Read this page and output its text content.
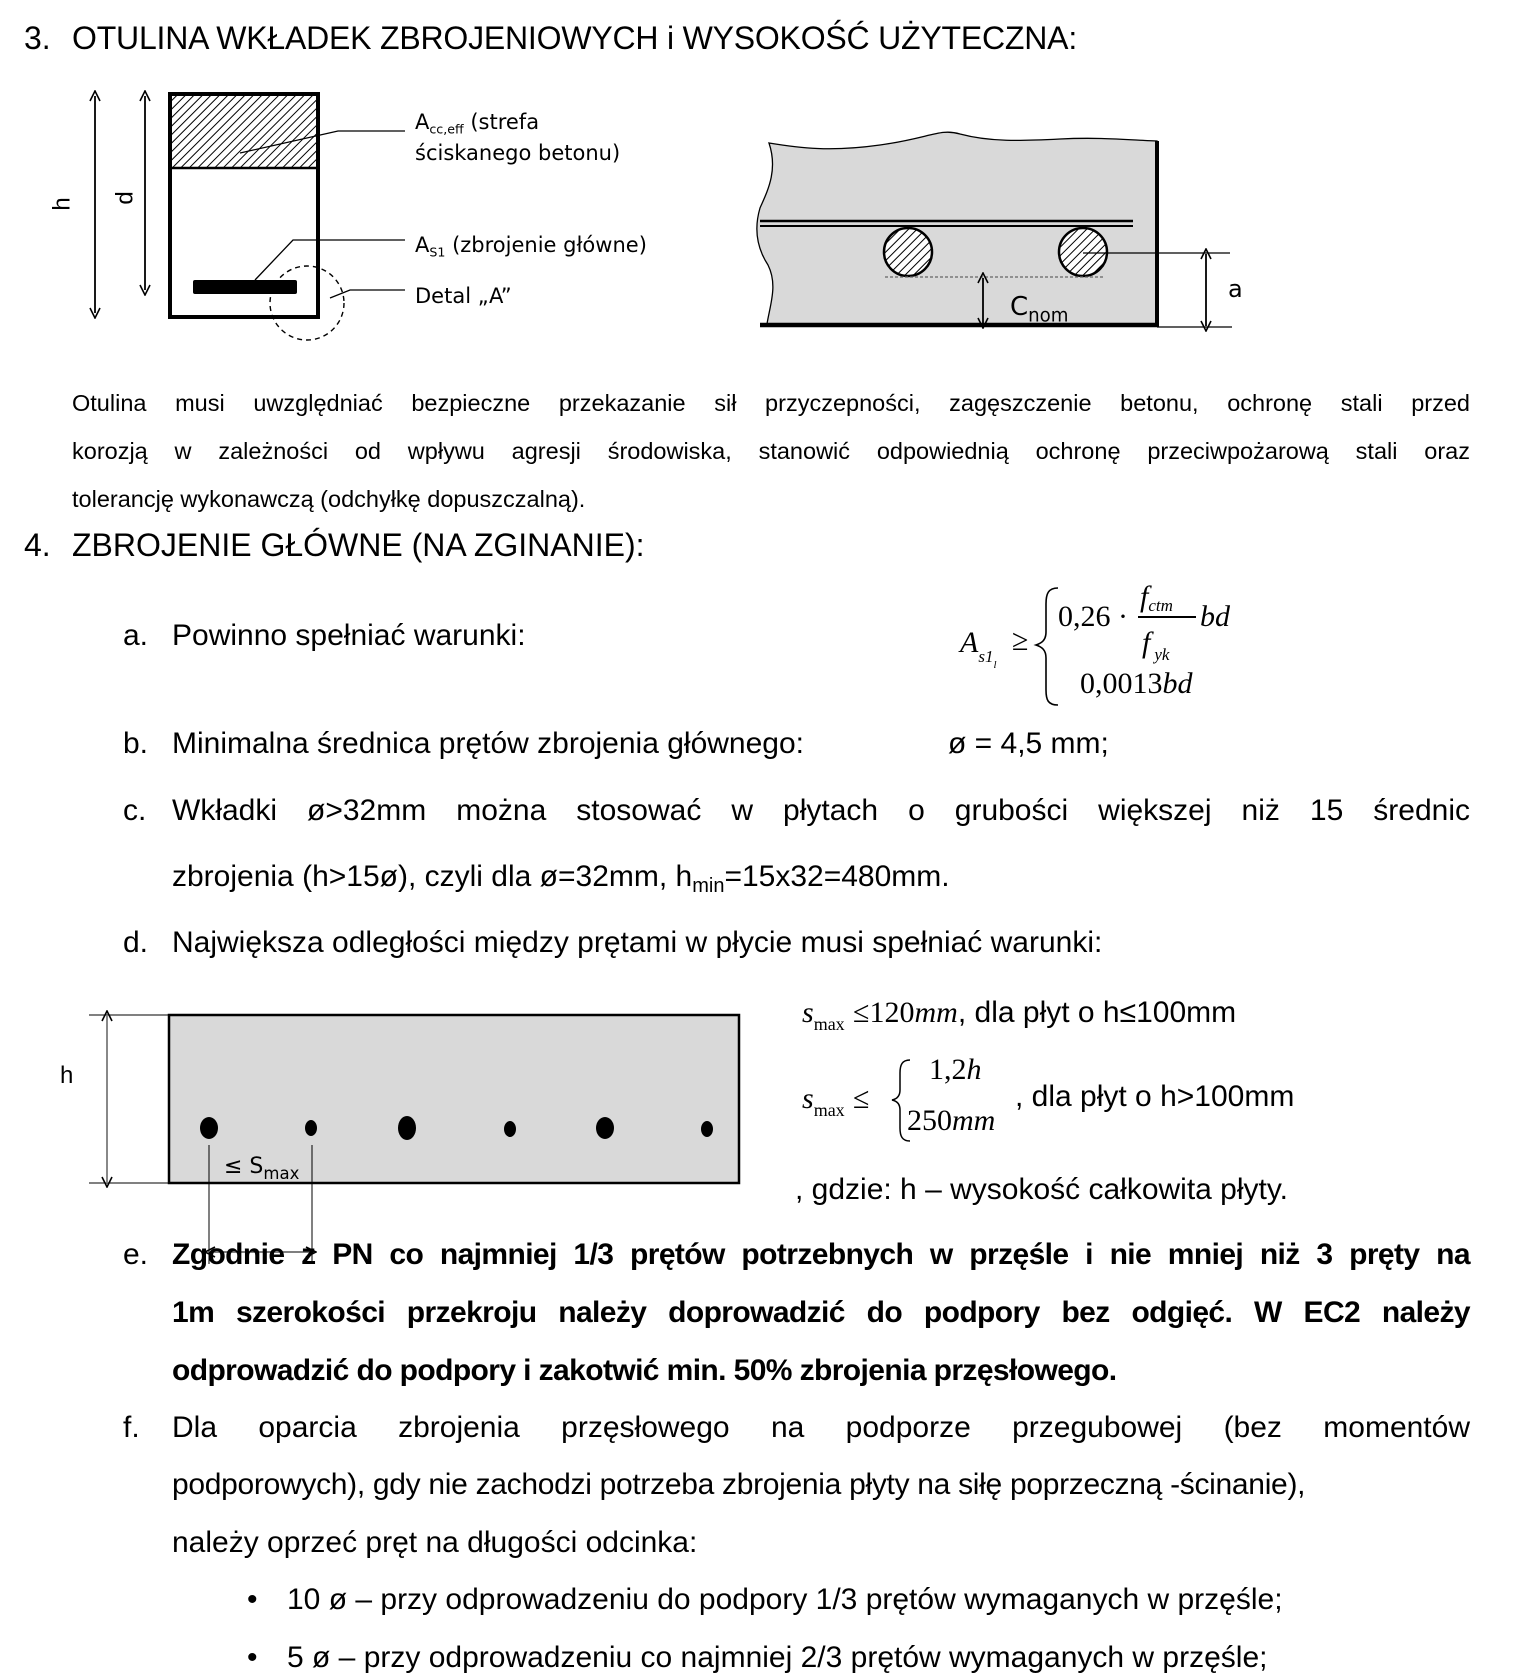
3. OTULINA WKŁADEK ZBROJENIOWYCH i WYSOKOŚĆ UŻYTECZNA:
h d
$A_{cc,eff}$ (strefa
ściskanego betonu)
$A_{S1}$ (zbrojenie główne)
Detal „A”	$C_{nom}$
a
Otulina musi uwzględniać bezpieczne przekazanie sił przyczepności, zagęszczenie betonu, ochronę stali przed
korozją w zależności od wpływu agresji środowiska, stanowić odpowiednią ochronę przeciwpożarową stali oraz
tolerancję wykonawczą (odchyłkę dopuszczalną).
4. ZBROJENIE GŁÓWNE (NA ZGINANIE):
a. Powinno spełniać warunki:	$A_{s1l}$
≥
0,26 ·
fctm
f $_{yk}$
bd
0,0013bd
b. Minimalna średnica prętów zbrojenia głównego:	ø = 4,5 mm;
c. Wkładki ø>32mm można stosować w płytach o grubości większej niż 15 średnic
zbrojenia (h>15ø), czyli dla ø=32mm, $h_{min}=15x32=480mm$.
d. Największa odległości między prętami w płycie musi spełniać warunki:
h
≤ $S_{max}$
$s_{max} \le 120mm$, dla płyt o h≤100mm
$s_{max}$ ≤
1,2h
250mm
, dla płyt o h>100mm
, gdzie: h – wysokość całkowita płyty.
e. Zgodnie z PN co najmniej 1/3 prętów potrzebnych w przęśle i nie mniej niż 3 pręty na
1m szerokości przekroju należy doprowadzić do podpory bez odgięć. W EC2 należy
odprowadzić do podpory i zakotwić min. 50% zbrojenia przęsłowego.
f. Dla oparcia zbrojenia przęsłowego na podporze przegubowej (bez momentów
podporowych), gdy nie zachodzi potrzeba zbrojenia płyty na siłę poprzeczną -ścinanie),
należy oprzeć pręt na długości odcinka:
• 10 ø – przy odprowadzeniu do podpory 1/3 prętów wymaganych w przęśle;
• 5 ø – przy odprowadzeniu co najmniej 2/3 prętów wymaganych w przęśle;
